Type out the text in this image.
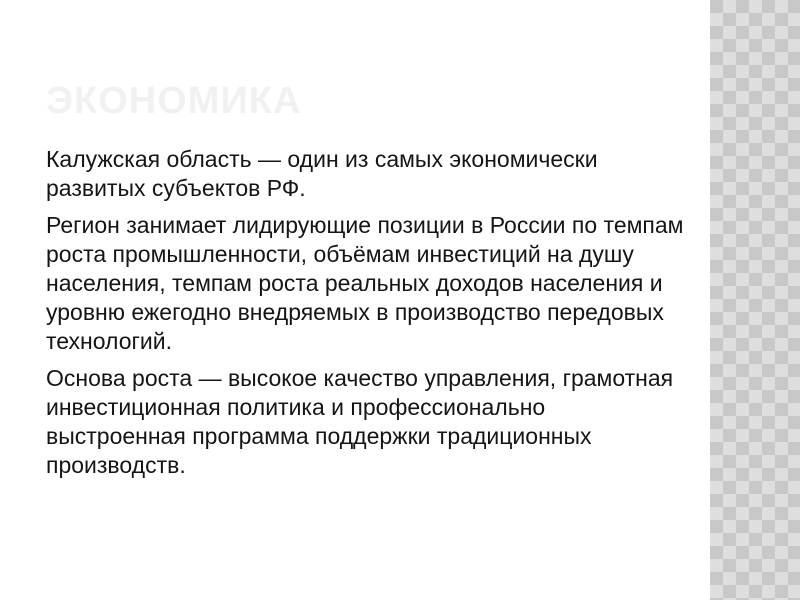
ЭКОНОМИКА

Калужская область — один из самых экономически развитых субъектов РФ.

Регион занимает лидирующие позиции в России по темпам роста промышленности, объёмам инвестиций на душу населения, темпам роста реальных доходов населения и уровню ежегодно внедряемых в производство передовых технологий.

Основа роста — высокое качество управления, грамотная инвестиционная политика и профессионально выстроенная программа поддержки традиционных производств.
